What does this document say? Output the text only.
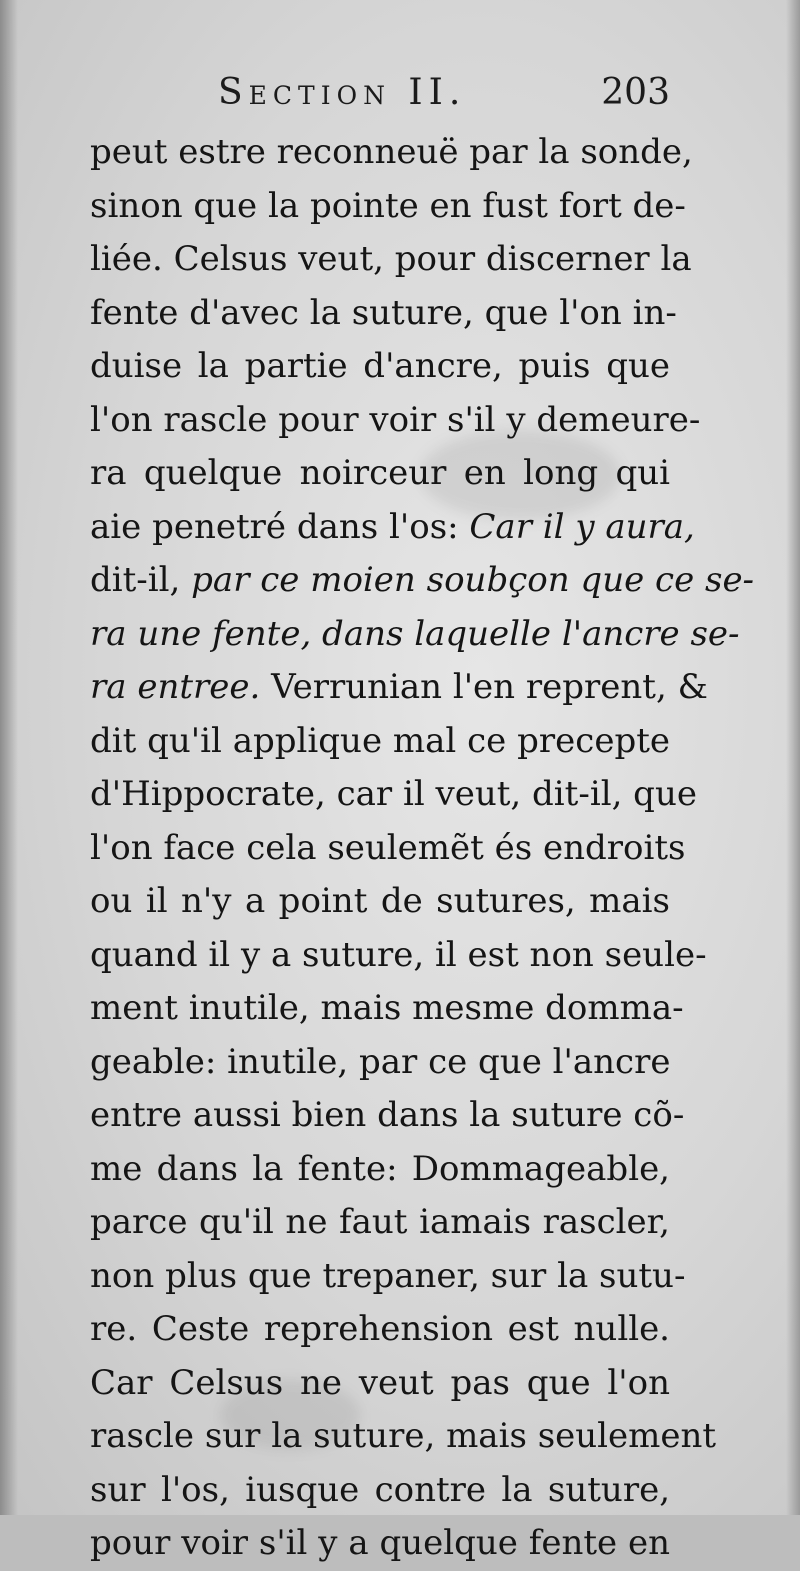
Section II.	203
peut estre reconneuë par la sonde,
sinon que la pointe en fust fort de-
liée. Celsus veut, pour discerner la
fente d'avec la suture, que l'on in-
duise la partie d'ancre, puis que
l'on rascle pour voir s'il y demeure-
ra quelque noirceur en long qui
aie penetré dans l'os: Car il y aura,
dit-il, par ce moien soubçon que ce se-
ra une fente, dans laquelle l'ancre se-
ra entree. Verrunian l'en reprent, &
dit qu'il applique mal ce precepte
d'Hippocrate, car il veut, dit-il, que
l'on face cela seulemẽt és endroits
ou il n'y a point de sutures, mais
quand il y a suture, il est non seule-
ment inutile, mais mesme domma-
geable: inutile, par ce que l'ancre
entre aussi bien dans la suture cõ-
me dans la fente: Dommageable,
parce qu'il ne faut iamais rascler,
non plus que trepaner, sur la sutu-
re. Ceste reprehension est nulle.
Car Celsus ne veut pas que l'on
rascle sur la suture, mais seulement
sur l'os, iusque contre la suture,
pour voir s'il y a quelque fente en
